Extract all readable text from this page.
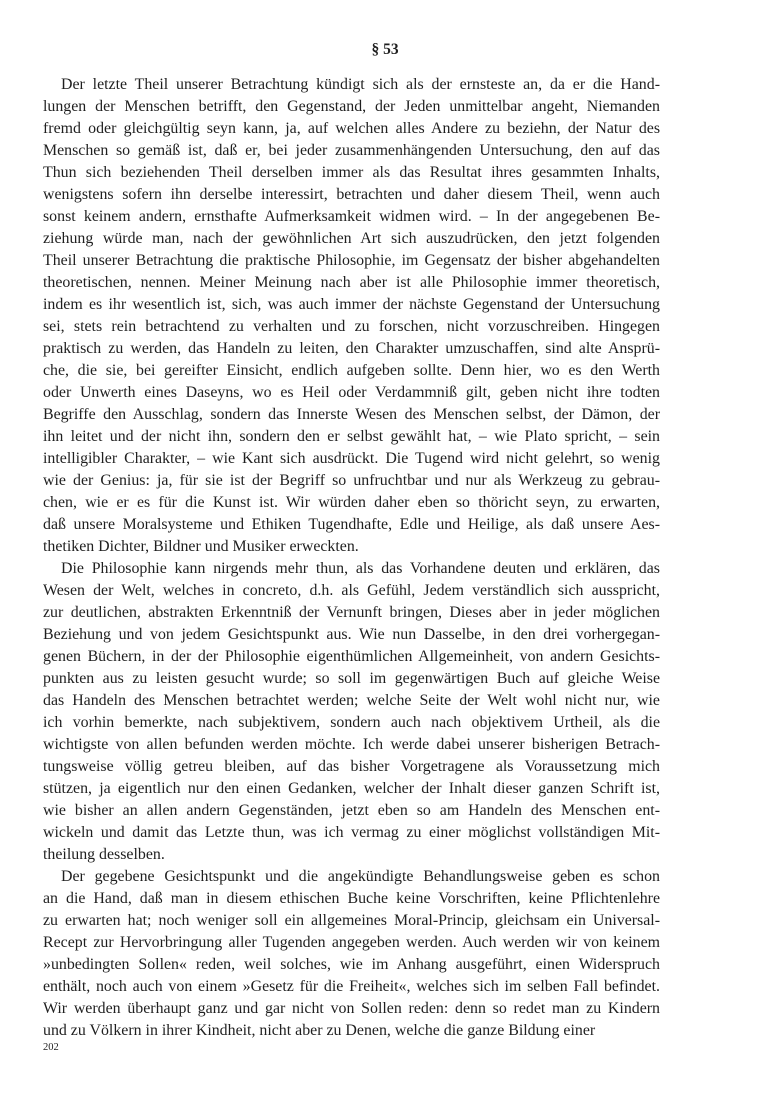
§ 53
Der letzte Theil unserer Betrachtung kündigt sich als der ernsteste an, da er die Hand-
lungen der Menschen betrifft, den Gegenstand, der Jeden unmittelbar angeht, Niemanden
fremd oder gleichgültig seyn kann, ja, auf welchen alles Andere zu beziehn, der Natur des
Menschen so gemäß ist, daß er, bei jeder zusammenhängenden Untersuchung, den auf das
Thun sich beziehenden Theil derselben immer als das Resultat ihres gesammten Inhalts,
wenigstens sofern ihn derselbe interessirt, betrachten und daher diesem Theil, wenn auch
sonst keinem andern, ernsthafte Aufmerksamkeit widmen wird. – In der angegebenen Be-
ziehung würde man, nach der gewöhnlichen Art sich auszudrücken, den jetzt folgenden
Theil unserer Betrachtung die praktische Philosophie, im Gegensatz der bisher abgehandelten
theoretischen, nennen. Meiner Meinung nach aber ist alle Philosophie immer theoretisch,
indem es ihr wesentlich ist, sich, was auch immer der nächste Gegenstand der Untersuchung
sei, stets rein betrachtend zu verhalten und zu forschen, nicht vorzuschreiben. Hingegen
praktisch zu werden, das Handeln zu leiten, den Charakter umzuschaffen, sind alte Ansprü-
che, die sie, bei gereifter Einsicht, endlich aufgeben sollte. Denn hier, wo es den Werth
oder Unwerth eines Daseyns, wo es Heil oder Verdammniß gilt, geben nicht ihre todten
Begriffe den Ausschlag, sondern das Innerste Wesen des Menschen selbst, der Dämon, der
ihn leitet und der nicht ihn, sondern den er selbst gewählt hat, – wie Plato spricht, – sein
intelligibler Charakter, – wie Kant sich ausdrückt. Die Tugend wird nicht gelehrt, so wenig
wie der Genius: ja, für sie ist der Begriff so unfruchtbar und nur als Werkzeug zu gebrau-
chen, wie er es für die Kunst ist. Wir würden daher eben so thöricht seyn, zu erwarten,
daß unsere Moralsysteme und Ethiken Tugendhafte, Edle und Heilige, als daß unsere Aes-
thetiken Dichter, Bildner und Musiker erweckten.
Die Philosophie kann nirgends mehr thun, als das Vorhandene deuten und erklären, das
Wesen der Welt, welches in concreto, d.h. als Gefühl, Jedem verständlich sich ausspricht,
zur deutlichen, abstrakten Erkenntniß der Vernunft bringen, Dieses aber in jeder möglichen
Beziehung und von jedem Gesichtspunkt aus. Wie nun Dasselbe, in den drei vorhergegan-
genen Büchern, in der der Philosophie eigenthümlichen Allgemeinheit, von andern Gesichts-
punkten aus zu leisten gesucht wurde; so soll im gegenwärtigen Buch auf gleiche Weise
das Handeln des Menschen betrachtet werden; welche Seite der Welt wohl nicht nur, wie
ich vorhin bemerkte, nach subjektivem, sondern auch nach objektivem Urtheil, als die
wichtigste von allen befunden werden möchte. Ich werde dabei unserer bisherigen Betrach-
tungsweise völlig getreu bleiben, auf das bisher Vorgetragene als Voraussetzung mich
stützen, ja eigentlich nur den einen Gedanken, welcher der Inhalt dieser ganzen Schrift ist,
wie bisher an allen andern Gegenständen, jetzt eben so am Handeln des Menschen ent-
wickeln und damit das Letzte thun, was ich vermag zu einer möglichst vollständigen Mit-
theilung desselben.
Der gegebene Gesichtspunkt und die angekündigte Behandlungsweise geben es schon
an die Hand, daß man in diesem ethischen Buche keine Vorschriften, keine Pflichtenlehre
zu erwarten hat; noch weniger soll ein allgemeines Moral-Princip, gleichsam ein Universal-
Recept zur Hervorbringung aller Tugenden angegeben werden. Auch werden wir von keinem
»unbedingten Sollen« reden, weil solches, wie im Anhang ausgeführt, einen Widerspruch
enthält, noch auch von einem »Gesetz für die Freiheit«, welches sich im selben Fall befindet.
Wir werden überhaupt ganz und gar nicht von Sollen reden: denn so redet man zu Kindern
und zu Völkern in ihrer Kindheit, nicht aber zu Denen, welche die ganze Bildung einer
202
